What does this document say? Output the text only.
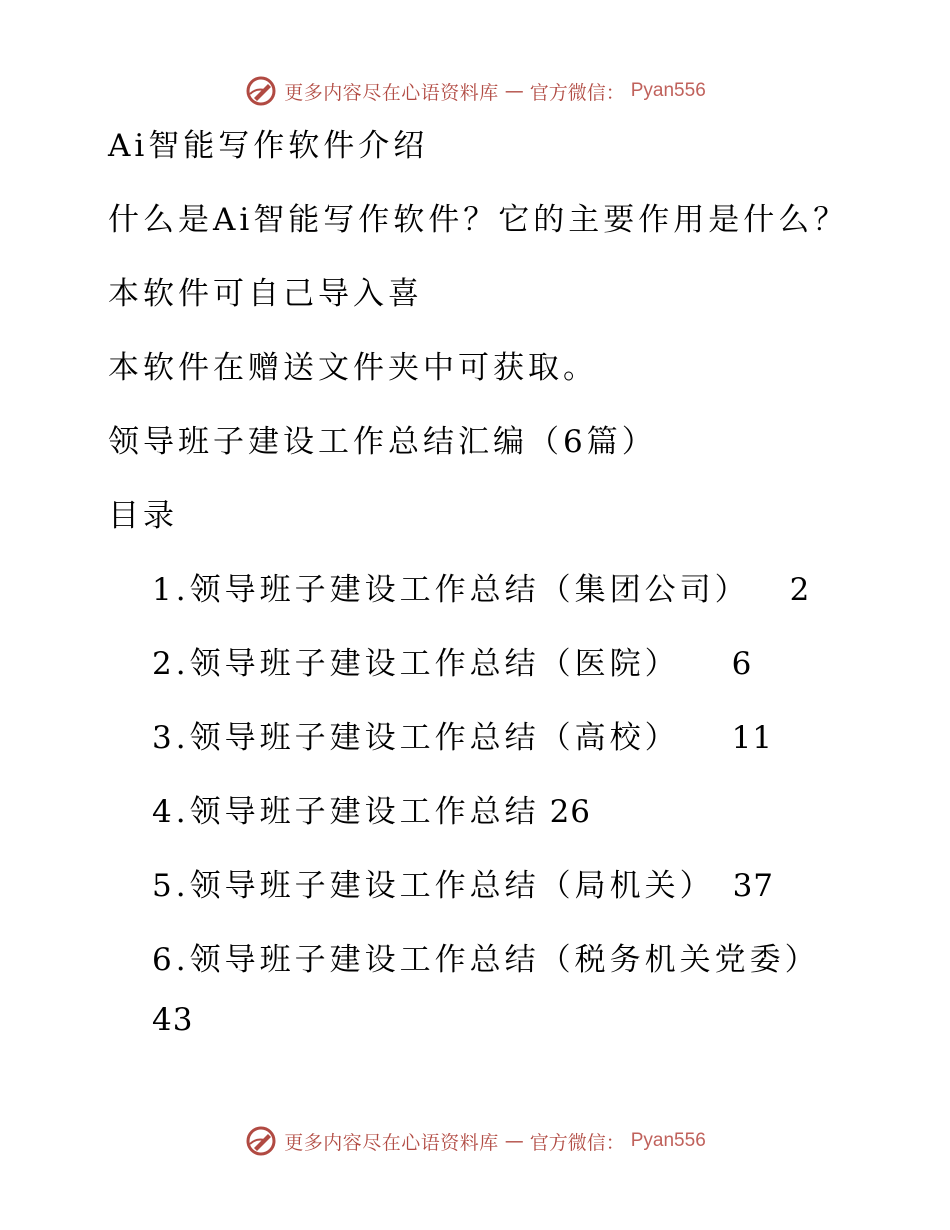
更多内容尽在心语资料库 — 官方微信： Pyan556
Ai智能写作软件介绍
什么是Ai智能写作软件？它的主要作用是什么？
本软件可自己导入喜
本软件在赠送文件夹中可获取。
领导班子建设工作总结汇编（6篇）
目录
1.领导班子建设工作总结（集团公司） 2
2.领导班子建设工作总结（医院） 6
3.领导班子建设工作总结（高校） 11
4.领导班子建设工作总结 26
5.领导班子建设工作总结（局机关） 37
6.领导班子建设工作总结（税务机关党委）
43
更多内容尽在心语资料库 — 官方微信： Pyan556
